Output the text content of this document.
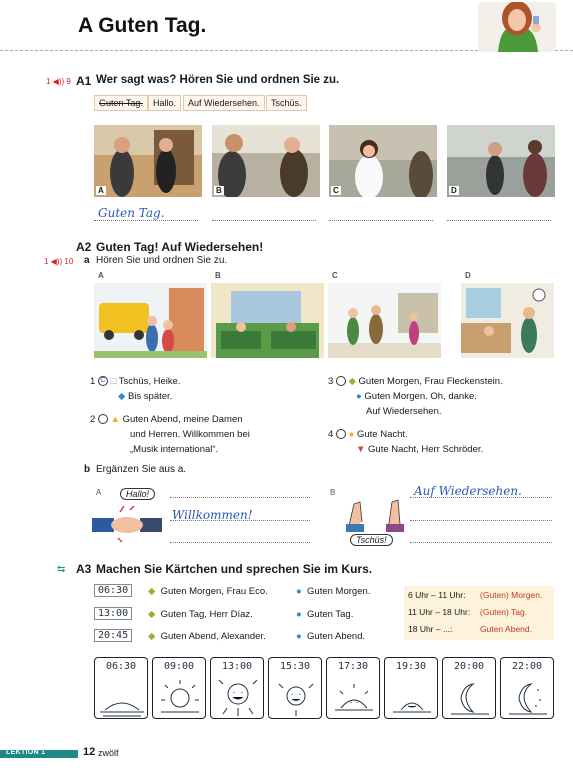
A Guten Tag.
1 ◀)) 9 A1 Wer sagt was? Hören Sie und ordnen Sie zu.
Guten Tag.	Hallo.	Auf Wiedersehen.	Tschüs.
A	B	C	D
Guten Tag.
A2 Guten Tag! Auf Wiedersehen!
1 ◀)) 10 a Hören Sie und ordnen Sie zu.
A	B	C	D
1 C □ Tschüs, Heike.
◆ Bis später.
2 ▲ Guten Abend, meine Damen
und Herren. Willkommen bei
„Musik international“.
3 ◆ Guten Morgen, Frau Fleckenstein.
● Guten Morgen. Oh, danke.
Auf Wiedersehen.
4 ● Gute Nacht.
▼ Gute Nacht, Herr Schröder.
b Ergänzen Sie aus a.
A	Hallo!
Willkommen!
B
Tschüs!
Auf Wiedersehen.
⇆ A3 Machen Sie Kärtchen und sprechen Sie im Kurs.
06:30	◆ Guten Morgen, Frau Eco.	● Guten Morgen.
13:00	◆ Guten Tag, Herr Díaz.	● Guten Tag.
20:45	◆ Guten Abend, Alexander.	● Guten Abend.
6 Uhr – 11 Uhr: (Guten) Morgen.
11 Uhr – 18 Uhr: (Guten) Tag.
18 Uhr – ...:	Guten Abend.
06:30	09:00	13:00	15:30	17:30	19:30	20:00	22:00
LEKTION 1	12 zwölf
